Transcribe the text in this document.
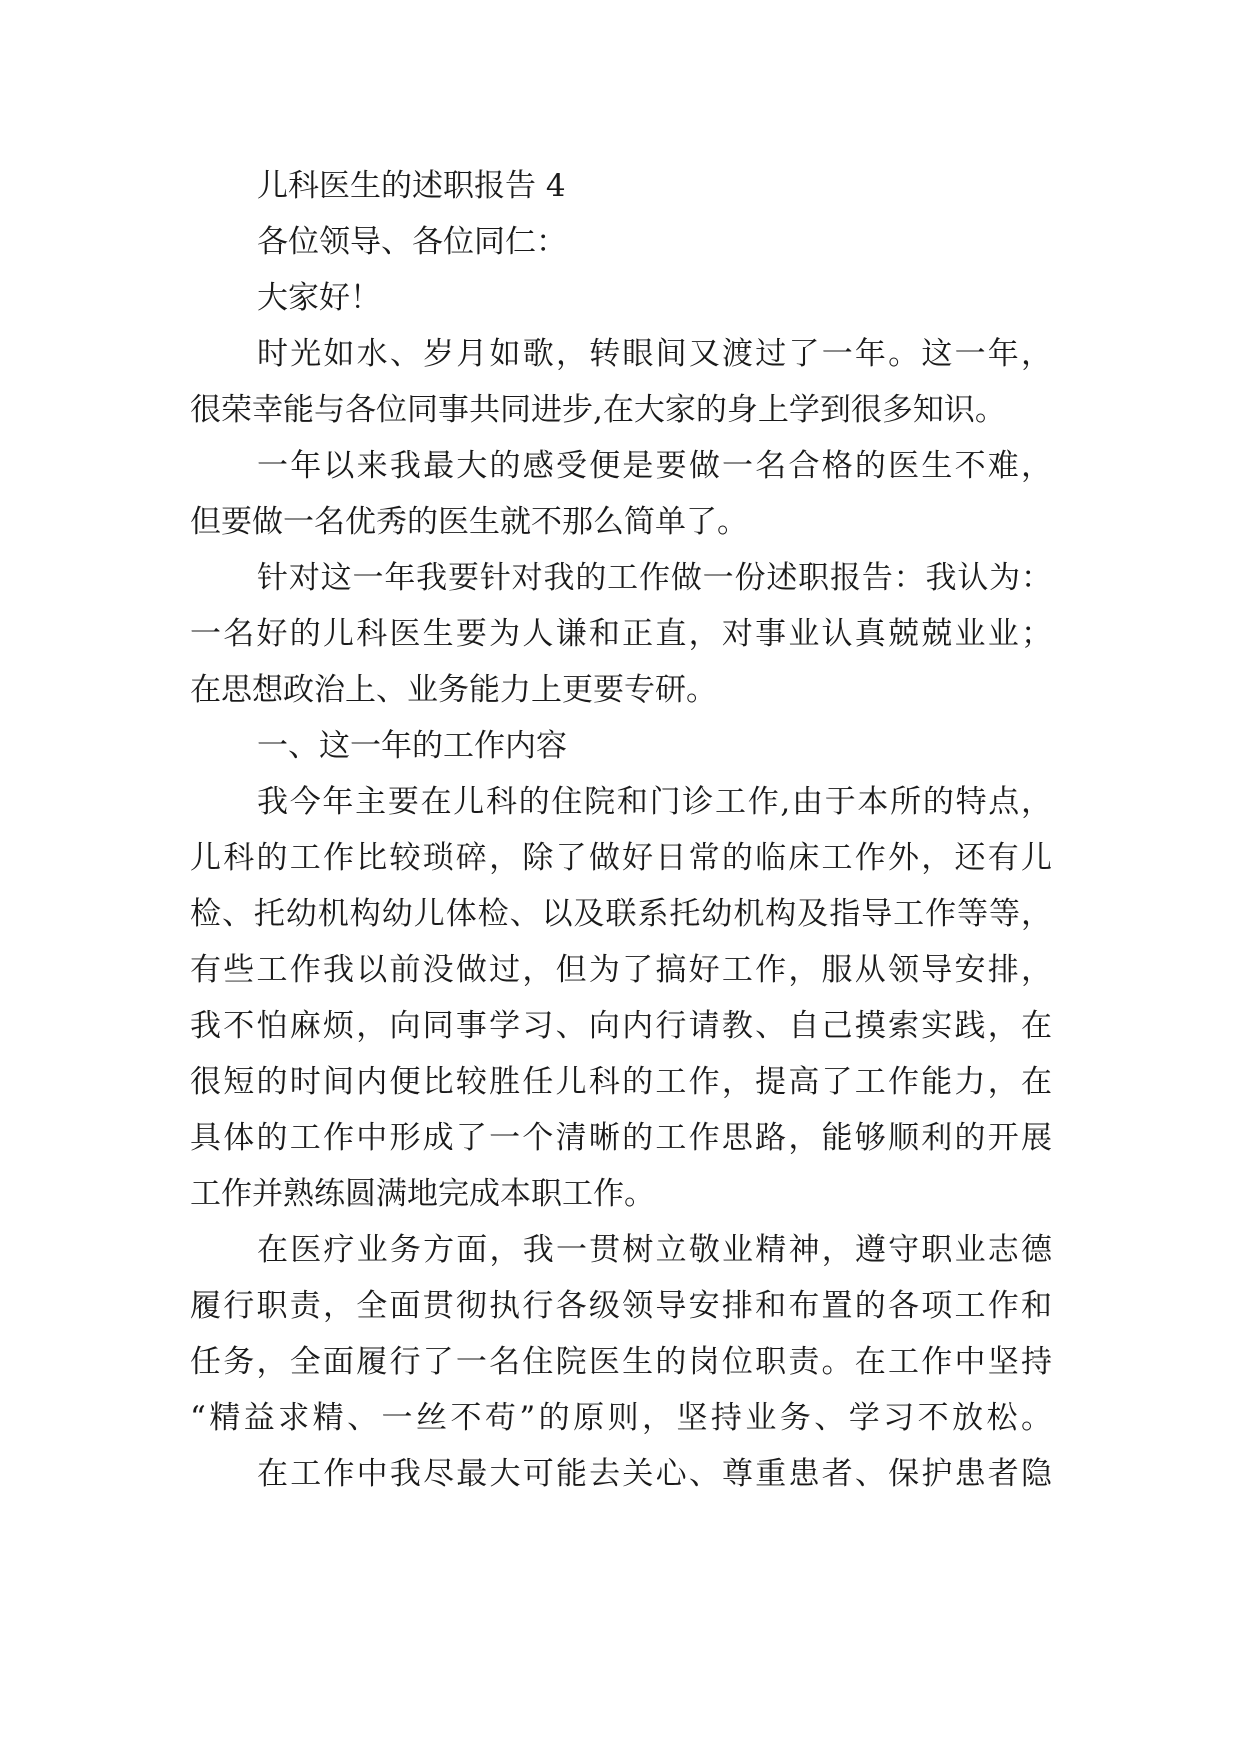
儿科医生的述职报告 4

各位领导、各位同仁：

大家好！

时光如水、岁月如歌，转眼间又渡过了一年。这一年，

很荣幸能与各位同事共同进步,在大家的身上学到很多知识。

一年以来我最大的感受便是要做一名合格的医生不难，

但要做一名优秀的医生就不那么简单了。

针对这一年我要针对我的工作做一份述职报告：我认为：

一名好的儿科医生要为人谦和正直，对事业认真兢兢业业；

在思想政治上、业务能力上更要专研。

一、这一年的工作内容

我今年主要在儿科的住院和门诊工作,由于本所的特点，

儿科的工作比较琐碎，除了做好日常的临床工作外，还有儿

检、托幼机构幼儿体检、以及联系托幼机构及指导工作等等，

有些工作我以前没做过，但为了搞好工作，服从领导安排，

我不怕麻烦，向同事学习、向内行请教、自己摸索实践，在

很短的时间内便比较胜任儿科的工作，提高了工作能力，在

具体的工作中形成了一个清晰的工作思路，能够顺利的开展

工作并熟练圆满地完成本职工作。

在医疗业务方面，我一贯树立敬业精神，遵守职业志德

履行职责，全面贯彻执行各级领导安排和布置的各项工作和

任务，全面履行了一名住院医生的岗位职责。在工作中坚持

“精益求精、一丝不苟”的原则，坚持业务、学习不放松。

在工作中我尽最大可能去关心、尊重患者、保护患者隐
